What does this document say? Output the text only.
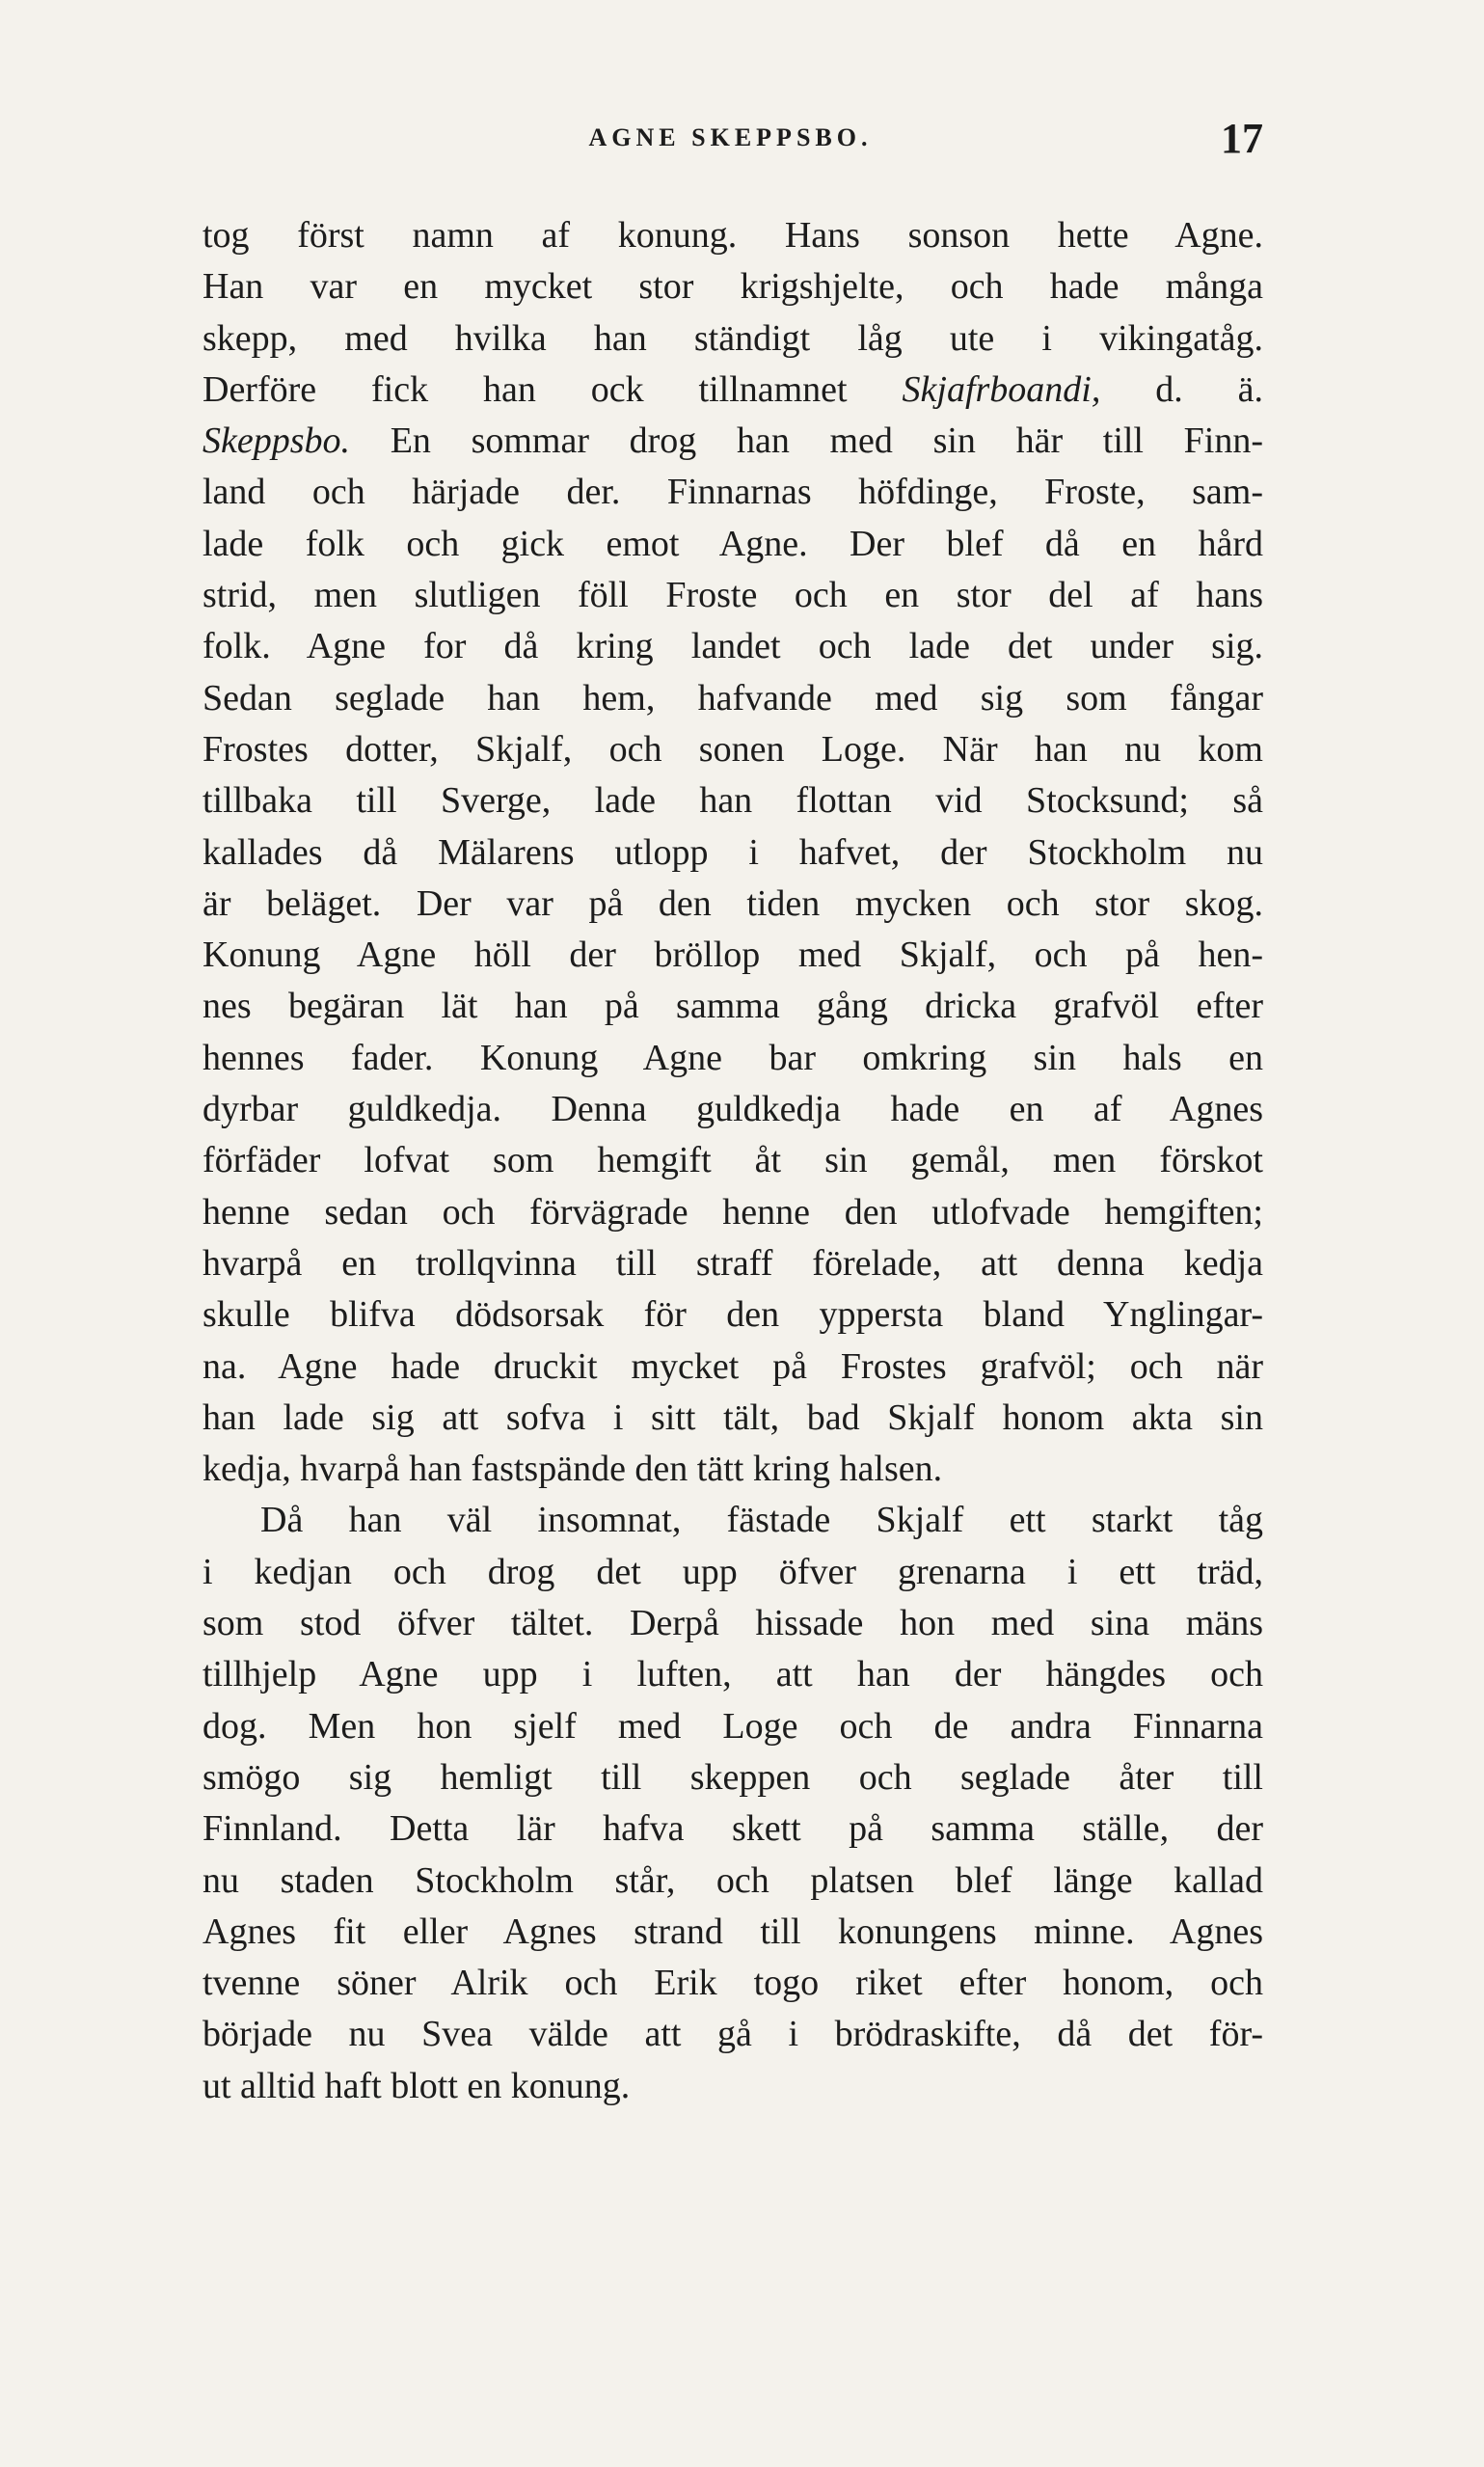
AGNE SKEPPSBO.	17
tog först namn af konung. Hans sonson hette Agne.
Han var en mycket stor krigshjelte, och hade många
skepp, med hvilka han ständigt låg ute i vikingatåg.
Derföre fick han ock tillnamnet Skjafrboandi, d. ä.
Skeppsbo. En sommar drog han med sin här till Finn-
land och härjade der. Finnarnas höfdinge, Froste, sam-
lade folk och gick emot Agne. Der blef då en hård
strid, men slutligen föll Froste och en stor del af hans
folk. Agne for då kring landet och lade det under sig.
Sedan seglade han hem, hafvande med sig som fångar
Frostes dotter, Skjalf, och sonen Loge. När han nu kom
tillbaka till Sverge, lade han flottan vid Stocksund; så
kallades då Mälarens utlopp i hafvet, der Stockholm nu
är beläget. Der var på den tiden mycken och stor skog.
Konung Agne höll der bröllop med Skjalf, och på hen-
nes begäran lät han på samma gång dricka grafvöl efter
hennes fader. Konung Agne bar omkring sin hals en
dyrbar guldkedja. Denna guldkedja hade en af Agnes
förfäder lofvat som hemgift åt sin gemål, men förskot
henne sedan och förvägrade henne den utlofvade hemgiften;
hvarpå en trollqvinna till straff förelade, att denna kedja
skulle blifva dödsorsak för den yppersta bland Ynglingar-
na. Agne hade druckit mycket på Frostes grafvöl; och när
han lade sig att sofva i sitt tält, bad Skjalf honom akta sin
kedja, hvarpå han fastspände den tätt kring halsen.
Då han väl insomnat, fästade Skjalf ett starkt tåg
i kedjan och drog det upp öfver grenarna i ett träd,
som stod öfver tältet. Derpå hissade hon med sina mäns
tillhjelp Agne upp i luften, att han der hängdes och
dog. Men hon sjelf med Loge och de andra Finnarna
smögo sig hemligt till skeppen och seglade åter till
Finnland. Detta lär hafva skett på samma ställe, der
nu staden Stockholm står, och platsen blef länge kallad
Agnes fit eller Agnes strand till konungens minne. Agnes
tvenne söner Alrik och Erik togo riket efter honom, och
började nu Svea välde att gå i brödraskifte, då det för-
ut alltid haft blott en konung.
